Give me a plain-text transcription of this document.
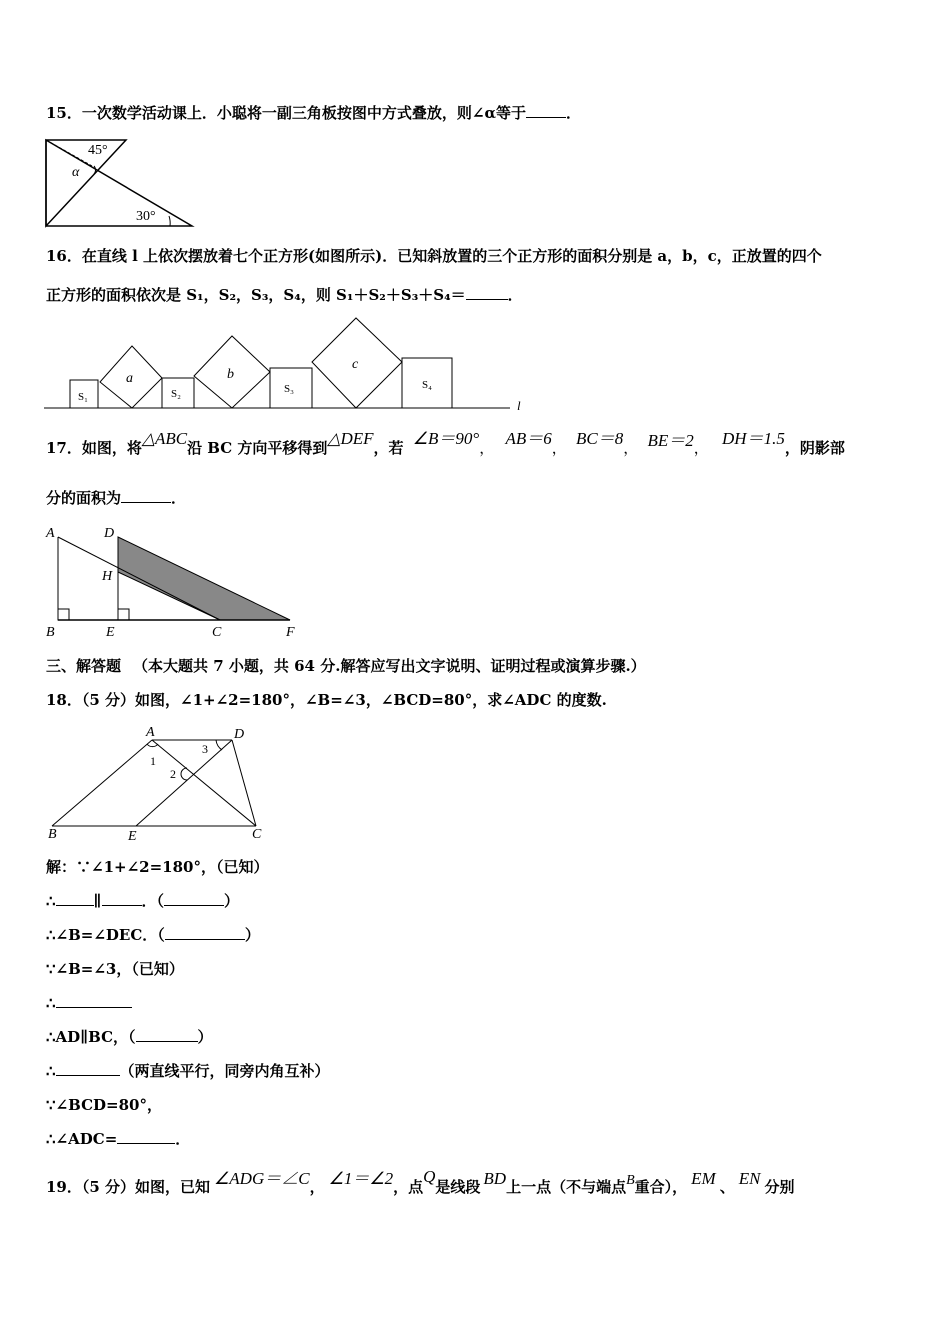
15．一次数学活动课上．小聪将一副三角板按图中方式叠放，则∠α等于	．
45°
α
30°
16．在直线 l 上依次摆放着七个正方形(如图所示)．已知斜放置的三个正方形的面积分别是 a，b，c，正放置的四个
正方形的面积依次是 S₁，S₂，S₃，S₄，则 S₁＋S₂＋S₃＋S₄＝	．
S₁
a
S₂
b
S₃
c
S₄
l
17．如图，将△ABC沿 BC 方向平移得到△DEF，若 ∠B＝90°， AB＝6， BC＝8， BE＝2， DH＝1.5，阴影部
分的面积为	．
A	D
H
B	E	C	F
三、解答题 （本大题共 7 小题，共 64 分.解答应写出文字说明、证明过程或演算步骤.）
18．（5 分）如图，∠1+∠2=180°，∠B=∠3，∠BCD=80°，求∠ADC 的度数.
A	D
B	E	C
1
2
3
解：∵∠1+∠2=180°，（已知）
∴	∥	．（	）
∴∠B=∠DEC．（	）
∵∠B=∠3，（已知）
∴
∴AD∥BC，（	）
∴	（两直线平行，同旁内角互补）
∵∠BCD=80°，
∴∠ADC=	．
19．（5 分）如图，已知 ∠ADG＝∠C， ∠1＝∠2，点Q是线段 BD上一点（不与端点B重合）， EM 、 EN 分别
